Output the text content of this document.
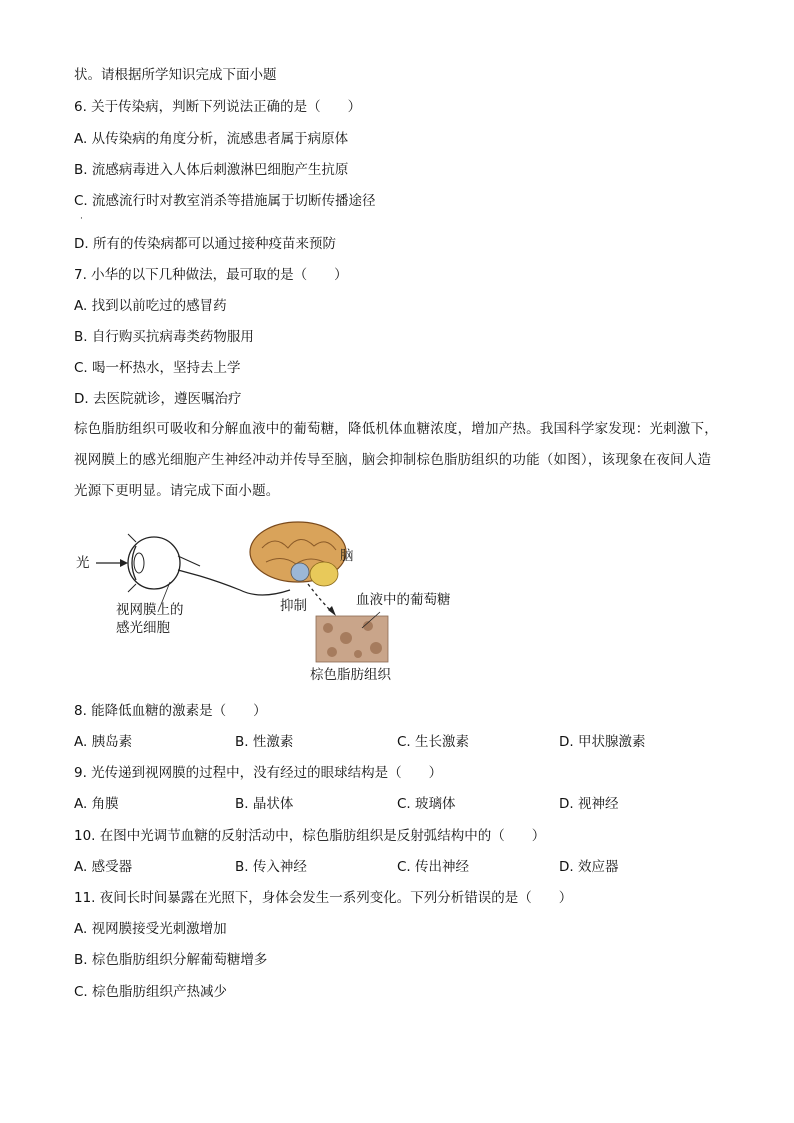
状。请根据所学知识完成下面小题
6. 关于传染病，判断下列说法正确的是（　　）
A. 从传染病的角度分析，流感患者属于病原体
B. 流感病毒进入人体后刺激淋巴细胞产生抗原
C. 流感流行时对教室消杀等措施属于切断传播途径
·
D. 所有的传染病都可以通过接种疫苗来预防
7. 小华的以下几种做法，最可取的是（　　）
A. 找到以前吃过的感冒药
B. 自行购买抗病毒类药物服用
C. 喝一杯热水，坚持去上学
D. 去医院就诊，遵医嘱治疗
棕色脂肪组织可吸收和分解血液中的葡萄糖，降低机体血糖浓度，增加产热。我国科学家发现：光刺激下，视网膜上的感光细胞产生神经冲动并传导至脑，脑会抑制棕色脂肪组织的功能（如图），该现象在夜间人造光源下更明显。请完成下面小题。
光	脑
视网膜上的
感光细胞
抑制	血液中的葡萄糖
棕色脂肪组织
8. 能降低血糖的激素是（　　）
A. 胰岛素	B. 性激素	C. 生长激素	D. 甲状腺激素
9. 光传递到视网膜的过程中，没有经过的眼球结构是（　　）
A. 角膜	B. 晶状体	C. 玻璃体	D. 视神经
10. 在图中光调节血糖的反射活动中，棕色脂肪组织是反射弧结构中的（　　）
A. 感受器	B. 传入神经	C. 传出神经	D. 效应器
11. 夜间长时间暴露在光照下，身体会发生一系列变化。下列分析错误的是（　　）
A. 视网膜接受光刺激增加
B. 棕色脂肪组织分解葡萄糖增多
C. 棕色脂肪组织产热减少
